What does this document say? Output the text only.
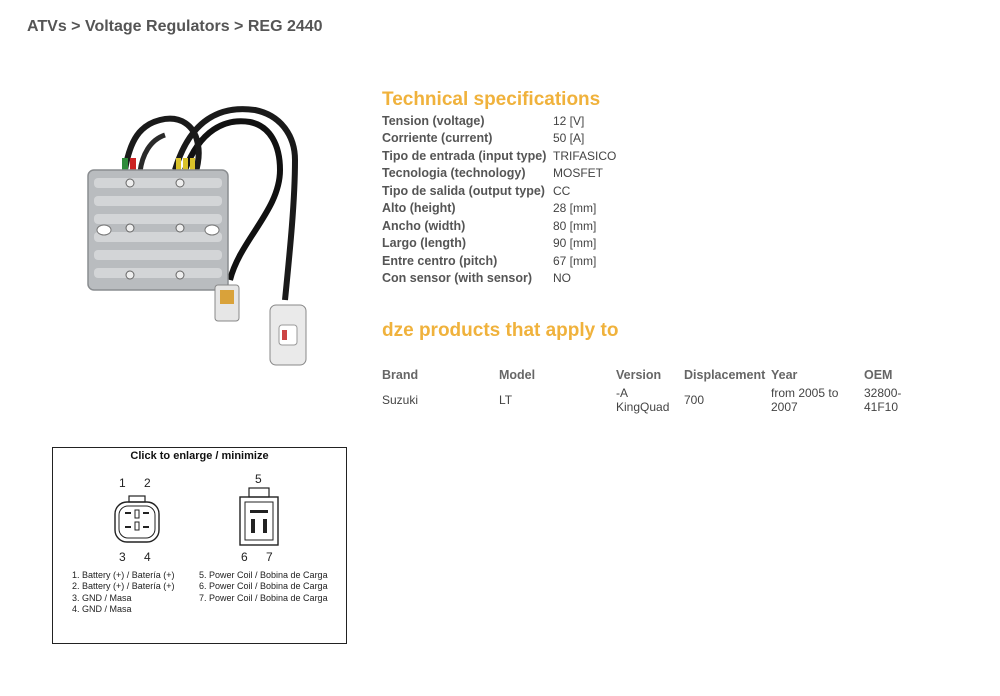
ATVs > Voltage Regulators > REG 2440
Technical specifications
Tension (voltage)	12 [V]
Corriente (current)	50 [A]
Tipo de entrada (input type)	TRIFASICO
Tecnologia (technology)	MOSFET
Tipo de salida (output type)	CC
Alto (height)	28 [mm]
Ancho (width)	80 [mm]
Largo (length)	90 [mm]
Entre centro (pitch)	67 [mm]
Con sensor (with sensor)	NO
dze products that apply to
Brand	Model	Version	Displacement	Year	OEM
Suzuki	LT	-A KingQuad	700	from 2005 to 2007	32800-41F10
Click to enlarge / minimize
1 2
3 4
5
6 7
1. Battery (+) / Batería (+)
2. Battery (+) / Batería (+)
3. GND / Masa
4. GND / Masa
5. Power Coil / Bobina de Carga
6. Power Coil / Bobina de Carga
7. Power Coil / Bobina de Carga
